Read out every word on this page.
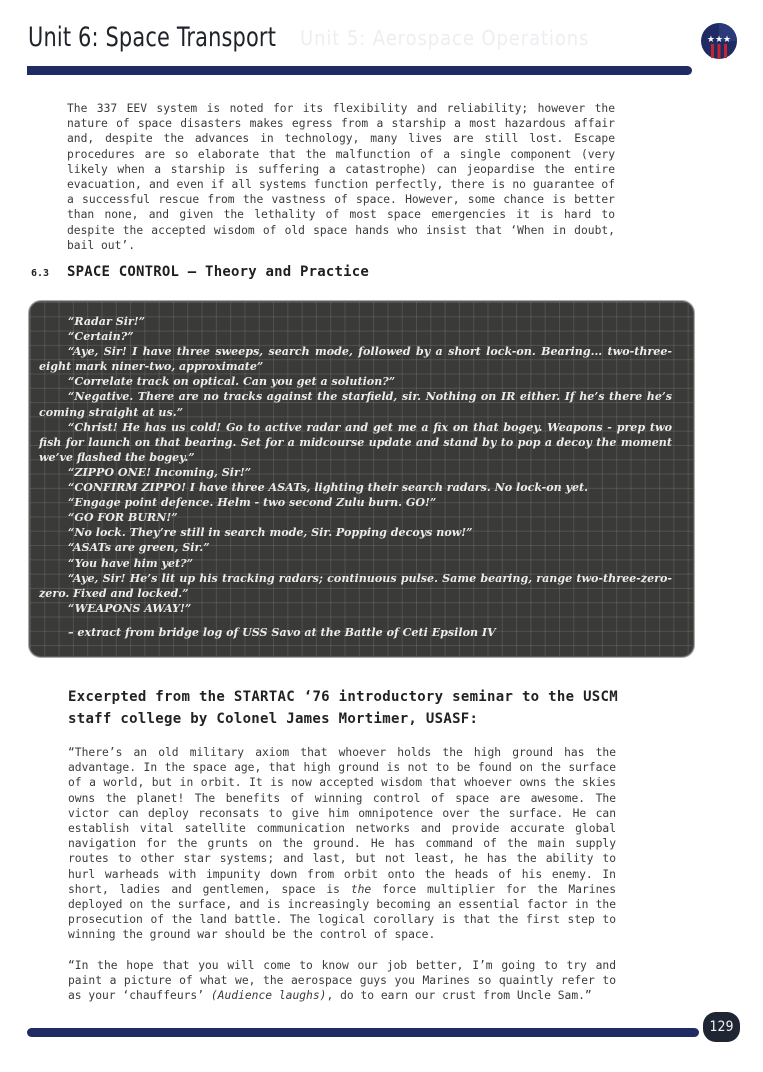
Unit 6: Space Transport Unit 5: Aerospace Operations	★★★
The 337 EEV system is noted for its flexibility and reliability; however the nature of space disasters makes egress from a starship a most hazardous affair and, despite the advances in technology, many lives are still lost. Escape procedures are so elaborate that the malfunction of a single component (very likely when a starship is suffering a catastrophe) can jeopardise the entire evacuation, and even if all systems function perfectly, there is no guarantee of a successful rescue from the vastness of space. However, some chance is better than none, and given the lethality of most space emergencies it is hard to despite the accepted wisdom of old space hands who insist that ‘When in doubt, bail out’.
6.3 SPACE CONTROL — Theory and Practice
“Radar Sir!”
“Certain?”
“Aye, Sir! I have three sweeps, search mode, followed by a short lock-on. Bearing... two-three-eight mark niner-two, approximate”
“Correlate track on optical. Can you get a solution?”
“Negative. There are no tracks against the starfield, sir. Nothing on IR either. If he’s there he’s coming straight at us.”
“Christ! He has us cold! Go to active radar and get me a fix on that bogey. Weapons - prep two fish for launch on that bearing. Set for a midcourse update and stand by to pop a decoy the moment we’ve flashed the bogey.”
“ZIPPO ONE! Incoming, Sir!”
“CONFIRM ZIPPO! I have three ASATs, lighting their search radars. No lock-on yet.
“Engage point defence. Helm - two second Zulu burn. GO!”
“GO FOR BURN!”
“No lock. They’re still in search mode, Sir. Popping decoys now!”
“ASATs are green, Sir.”
“You have him yet?”
“Aye, Sir! He’s lit up his tracking radars; continuous pulse. Same bearing, range two-three-zero-zero. Fixed and locked.”
“WEAPONS AWAY!”
– extract from bridge log of USS Savo at the Battle of Ceti Epsilon IV
Excerpted from the STARTAC ‘76 introductory seminar to the USCM staff college by Colonel James Mortimer, USASF:
“There’s an old military axiom that whoever holds the high ground has the advantage. In the space age, that high ground is not to be found on the surface of a world, but in orbit. It is now accepted wisdom that whoever owns the skies owns the planet! The benefits of winning control of space are awesome. The victor can deploy reconsats to give him omnipotence over the surface. He can establish vital satellite communication networks and provide accurate global navigation for the grunts on the ground. He has command of the main supply routes to other star systems; and last, but not least, he has the ability to hurl warheads with impunity down from orbit onto the heads of his enemy. In short, ladies and gentlemen, space is the force multiplier for the Marines deployed on the surface, and is increasingly becoming an essential factor in the prosecution of the land battle. The logical corollary is that the first step to winning the ground war should be the control of space.
“In the hope that you will come to know our job better, I’m going to try and paint a picture of what we, the aerospace guys you Marines so quaintly refer to as your ‘chauffeurs’ (Audience laughs), do to earn our crust from Uncle Sam.”
129
